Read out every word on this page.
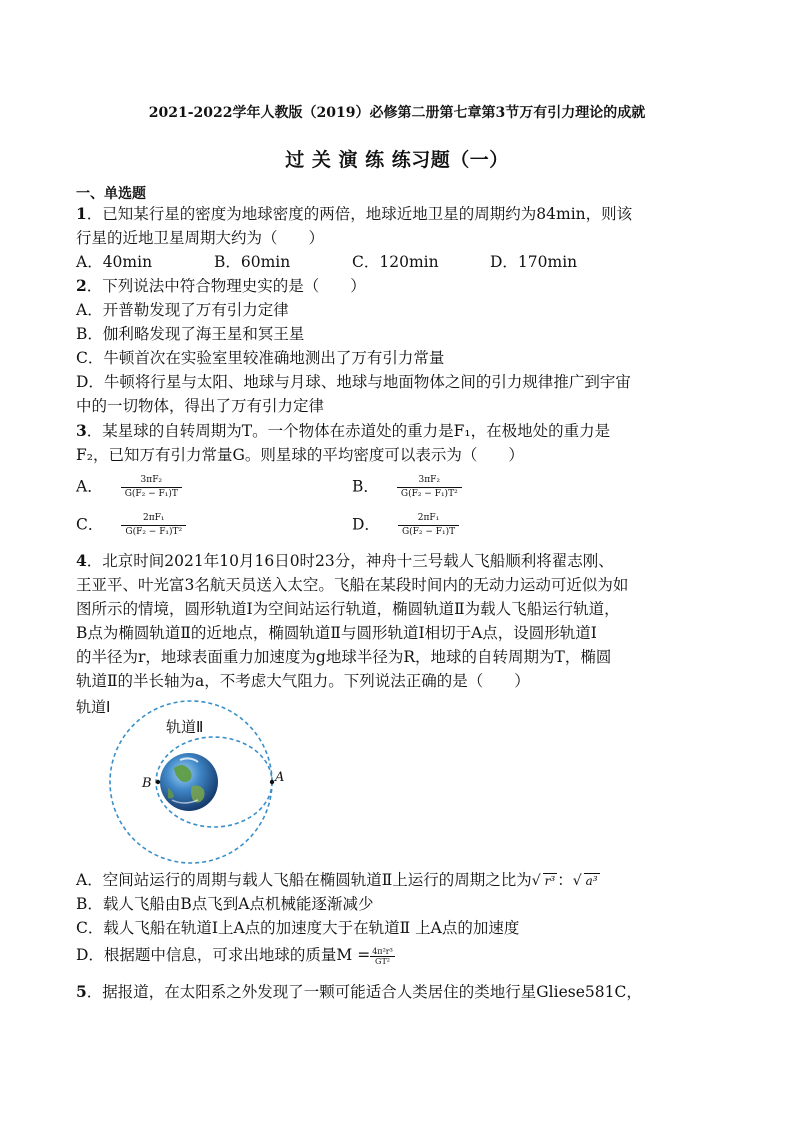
2021-2022学年人教版（2019）必修第二册第七章第3节万有引力理论的成就
过 关 演 练 练习题（一）
一、单选题
1．已知某行星的密度为地球密度的两倍，地球近地卫星的周期约为84min，则该
行星的近地卫星周期大约为（　　）
A．40min	B．60min	C．120min	D．170min
2．下列说法中符合物理史实的是（　　）
A．开普勒发现了万有引力定律
B．伽利略发现了海王星和冥王星
C．牛顿首次在实验室里较准确地测出了万有引力常量
D．牛顿将行星与太阳、地球与月球、地球与地面物体之间的引力规律推广到宇宙
中的一切物体，得出了万有引力定律
3．某星球的自转周期为T。一个物体在赤道处的重力是F₁，在极地处的重力是
F₂，已知万有引力常量G。则星球的平均密度可以表示为（　　）
A． $\frac{\text{3πF₂}}{\text{G(F₂ − F₁)T}}$	B． $\frac{\text{3πF₂}}{\text{G(F₂ − F₁)T²}}$
C． $\frac{\text{2πF₁}}{\text{G(F₂ − F₁)T²}}$	D． $\frac{\text{2πF₁}}{\text{G(F₂ − F₁)T}}$
4．北京时间2021年10月16日0时23分，神舟十三号载人飞船顺利将翟志刚、
王亚平、叶光富3名航天员送入太空。飞船在某段时间内的无动力运动可近似为如
图所示的情境，圆形轨道Ⅰ为空间站运行轨道，椭圆轨道Ⅱ为载人飞船运行轨道，
B点为椭圆轨道Ⅱ的近地点，椭圆轨道Ⅱ与圆形轨道Ⅰ相切于A点，设圆形轨道Ⅰ
的半径为r，地球表面重力加速度为g地球半径为R，地球的自转周期为T，椭圆
轨道Ⅱ的半长轴为a，不考虑大气阻力。下列说法正确的是（　　）
轨道Ⅰ
轨道Ⅱ
B	A
A．空间站运行的周期与载人飞船在椭圆轨道Ⅱ上运行的周期之比为√ r³ ：√ a³
B．载人飞船由B点飞到A点机械能逐渐减少
C．载人飞船在轨道Ⅰ上A点的加速度大于在轨道Ⅱ 上A点的加速度
D．根据题中信息，可求出地球的质量$M = \frac{\text{4π²r³}}{\text{GT²}}$
5．据报道，在太阳系之外发现了一颗可能适合人类居住的类地行星Gliese581C，
